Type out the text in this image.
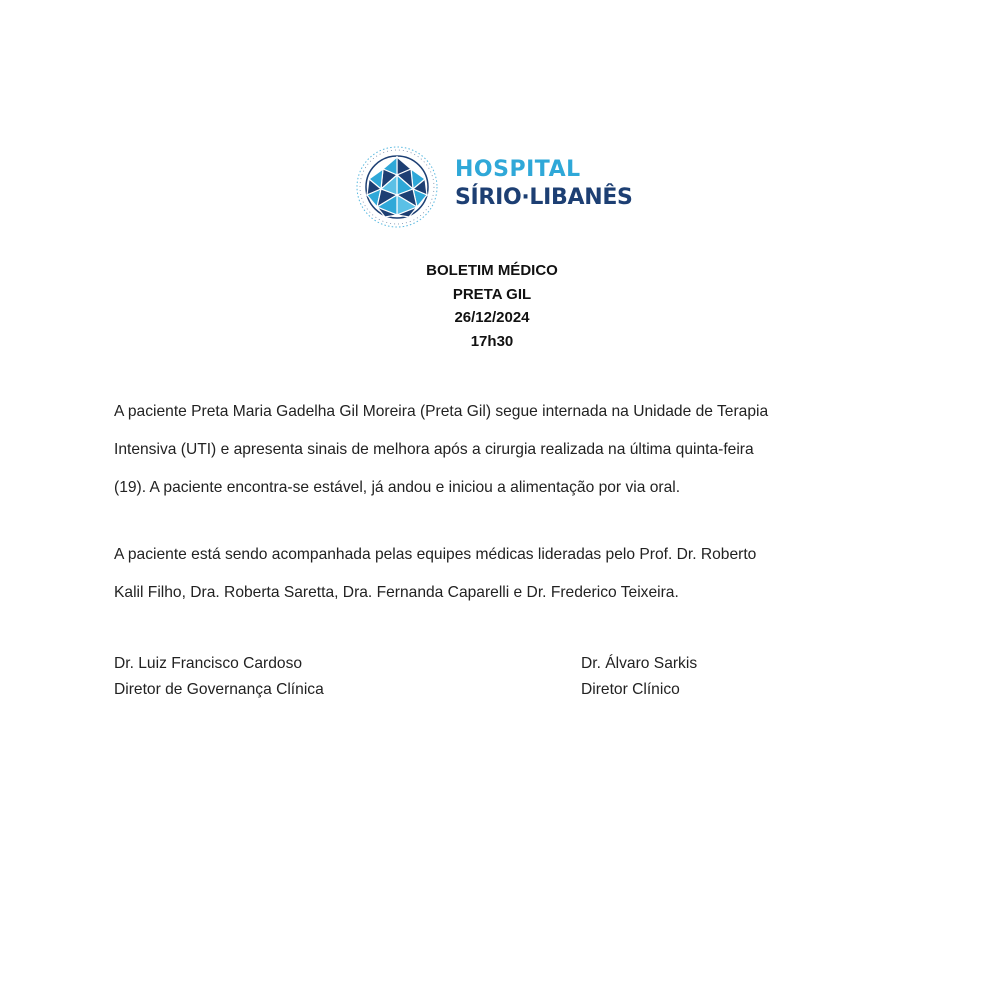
HOSPITAL
SÍRIO·LIBANÊS
BOLETIM MÉDICO
PRETA GIL
26/12/2024
17h30

A paciente Preta Maria Gadelha Gil Moreira (Preta Gil) segue internada na Unidade de Terapia
Intensiva (UTI) e apresenta sinais de melhora após a cirurgia realizada na última quinta-feira
(19). A paciente encontra-se estável, já andou e iniciou a alimentação por via oral.

A paciente está sendo acompanhada pelas equipes médicas lideradas pelo Prof. Dr. Roberto
Kalil Filho, Dra. Roberta Saretta, Dra. Fernanda Caparelli e Dr. Frederico Teixeira.

Dr. Luiz Francisco Cardoso
Diretor de Governança Clínica
Dr. Álvaro Sarkis
Diretor Clínico
